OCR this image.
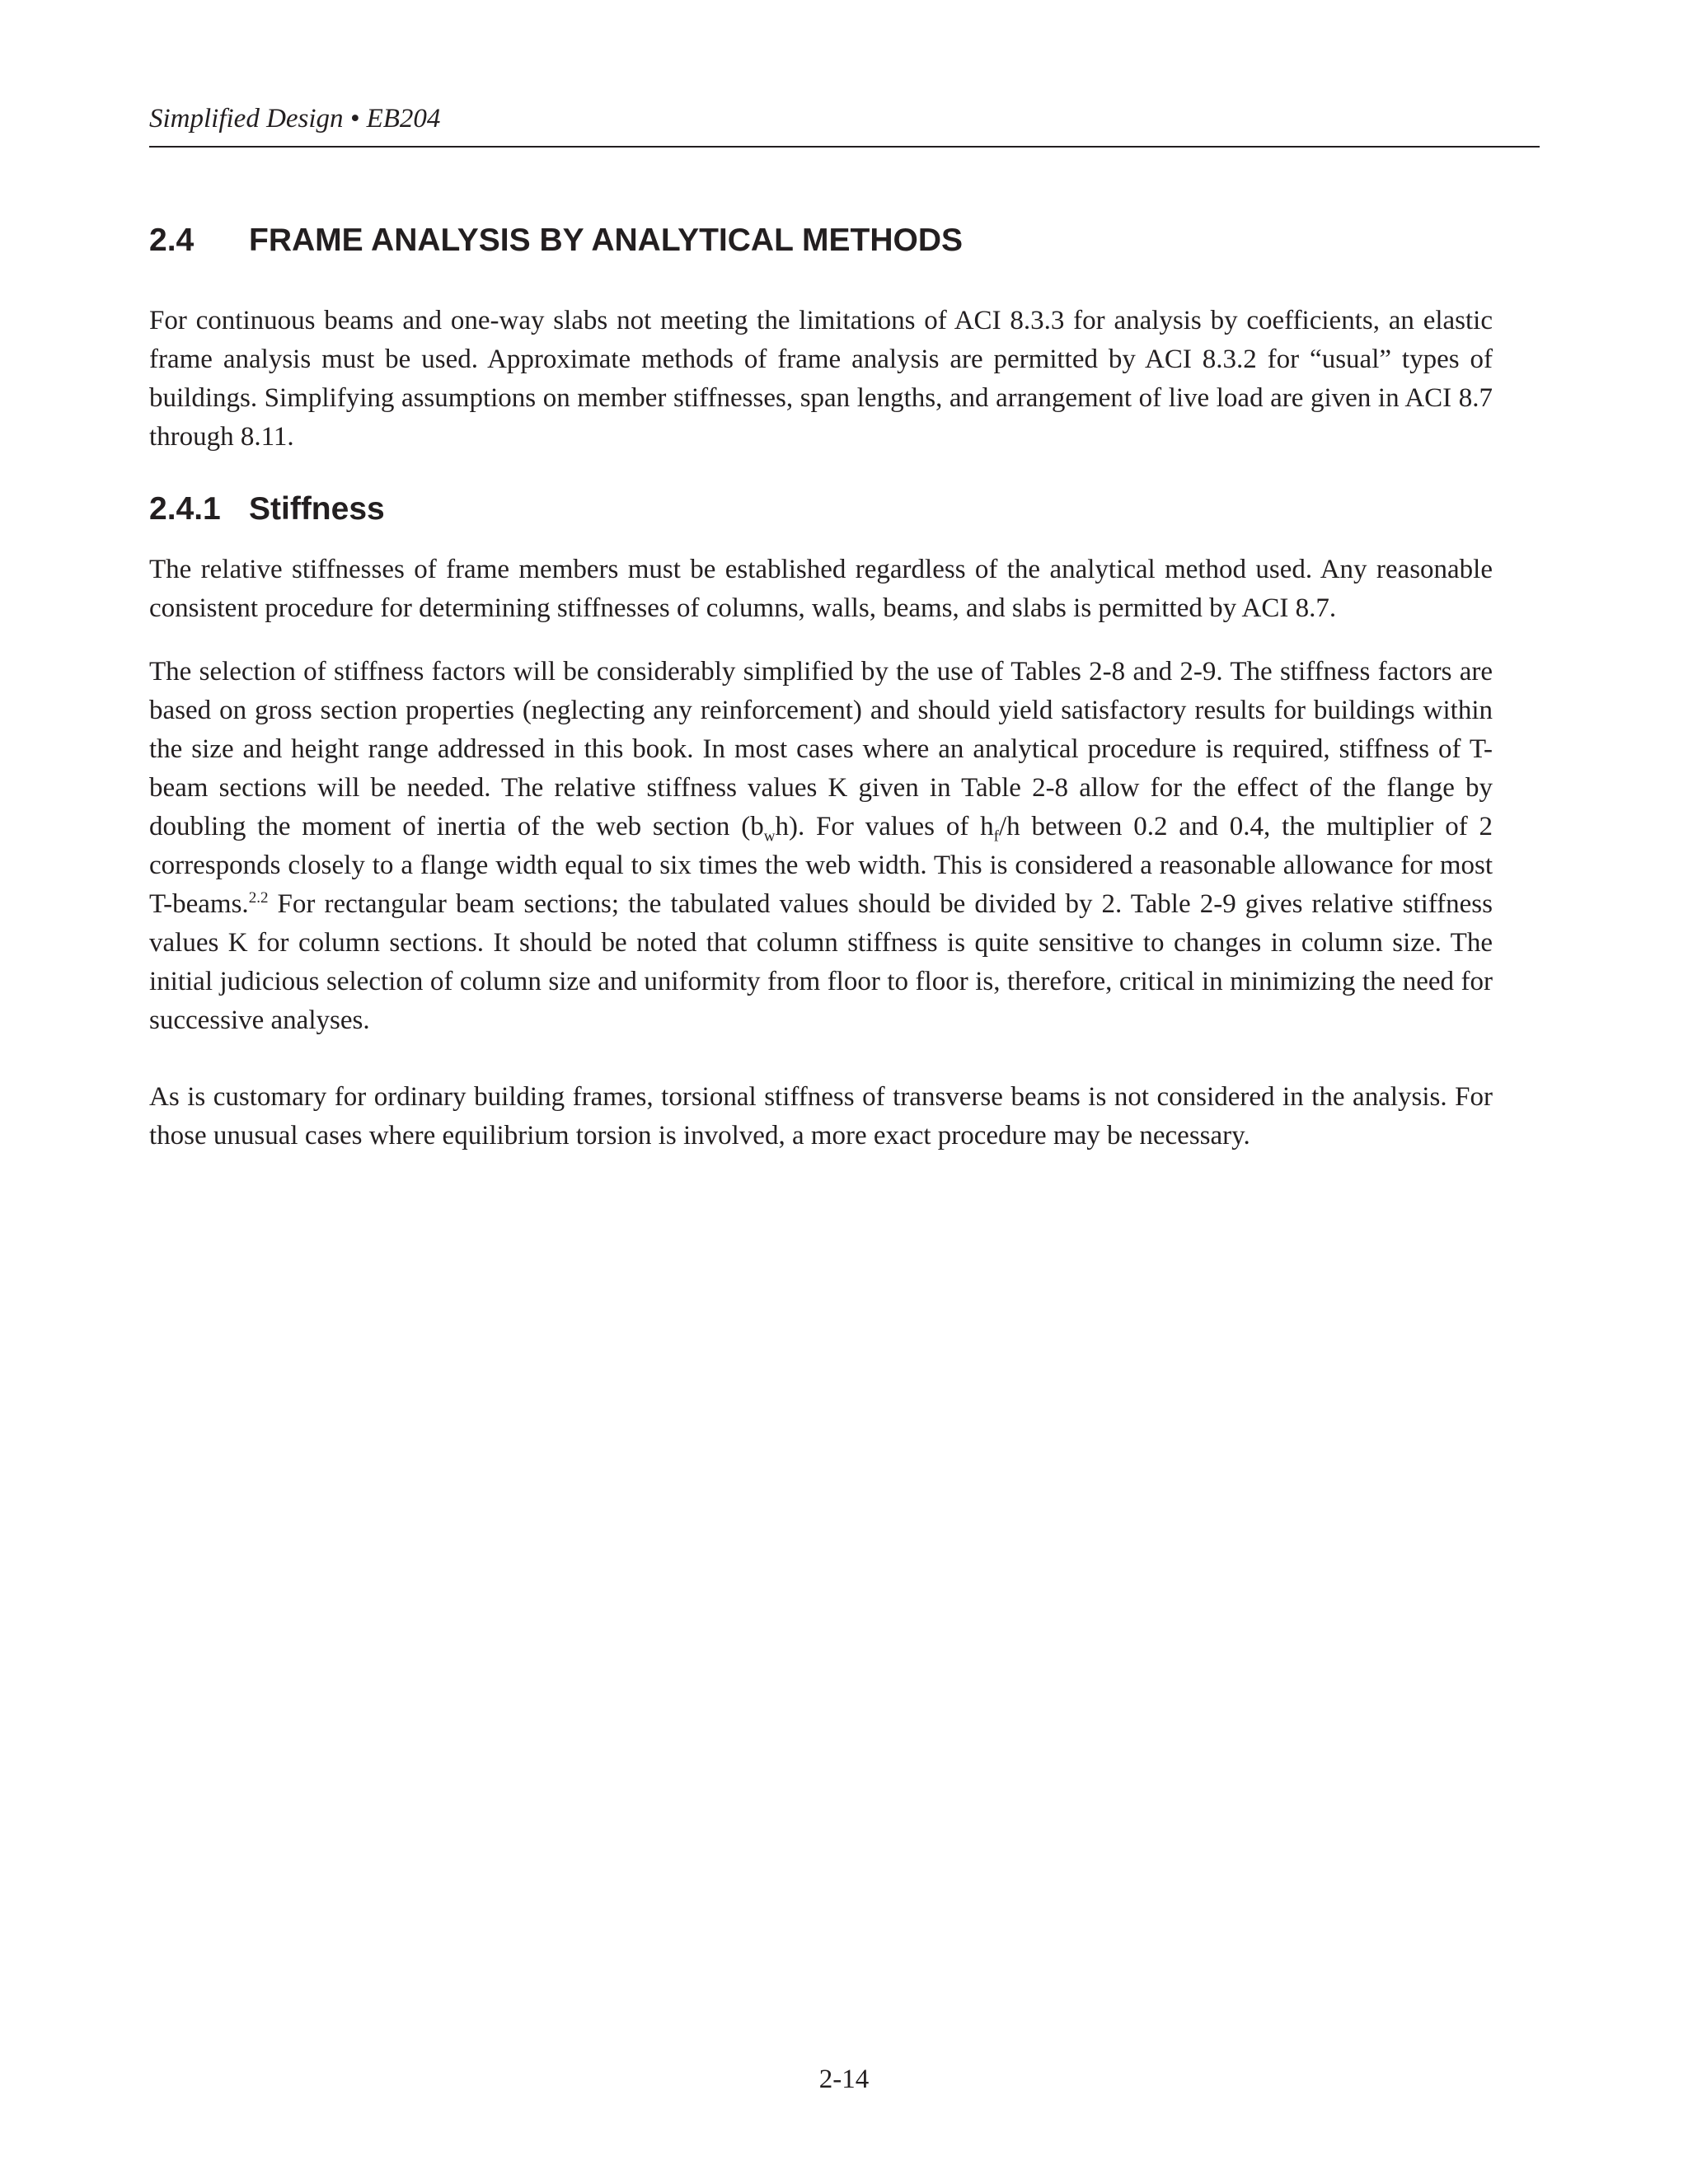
Simplified Design • EB204
2.4 FRAME ANALYSIS BY ANALYTICAL METHODS

For continuous beams and one-way slabs not meeting the limitations of ACI 8.3.3 for analysis by coefficients, an elastic frame analysis must be used. Approximate methods of frame analysis are permitted by ACI 8.3.2 for “usual” types of buildings. Simplifying assumptions on member stiffnesses, span lengths, and arrangement of live load are given in ACI 8.7 through 8.11.

2.4.1 Stiffness

The relative stiffnesses of frame members must be established regardless of the analytical method used. Any reasonable consistent procedure for determining stiffnesses of columns, walls, beams, and slabs is permitted by ACI 8.7.

The selection of stiffness factors will be considerably simplified by the use of Tables 2-8 and 2-9. The stiffness factors are based on gross section properties (neglecting any reinforcement) and should yield satisfactory results for buildings within the size and height range addressed in this book. In most cases where an analytical procedure is required, stiffness of T-beam sections will be needed. The relative stiffness values K given in Table 2-8 allow for the effect of the flange by doubling the moment of inertia of the web section $(b_wh)$. For values of $h_f/h$ between 0.2 and 0.4, the multiplier of 2 corresponds closely to a flange width equal to six times the web width. This is considered a reasonable allowance for most T-beams.$^{2.2}$ For rectangular beam sections; the tabulated values should be divided by 2. Table 2-9 gives relative stiffness values K for column sections. It should be noted that column stiffness is quite sensitive to changes in column size. The initial judicious selection of column size and uniformity from floor to floor is, therefore, critical in minimizing the need for successive analyses.

As is customary for ordinary building frames, torsional stiffness of transverse beams is not considered in the analysis. For those unusual cases where equilibrium torsion is involved, a more exact procedure may be necessary.

2-14
